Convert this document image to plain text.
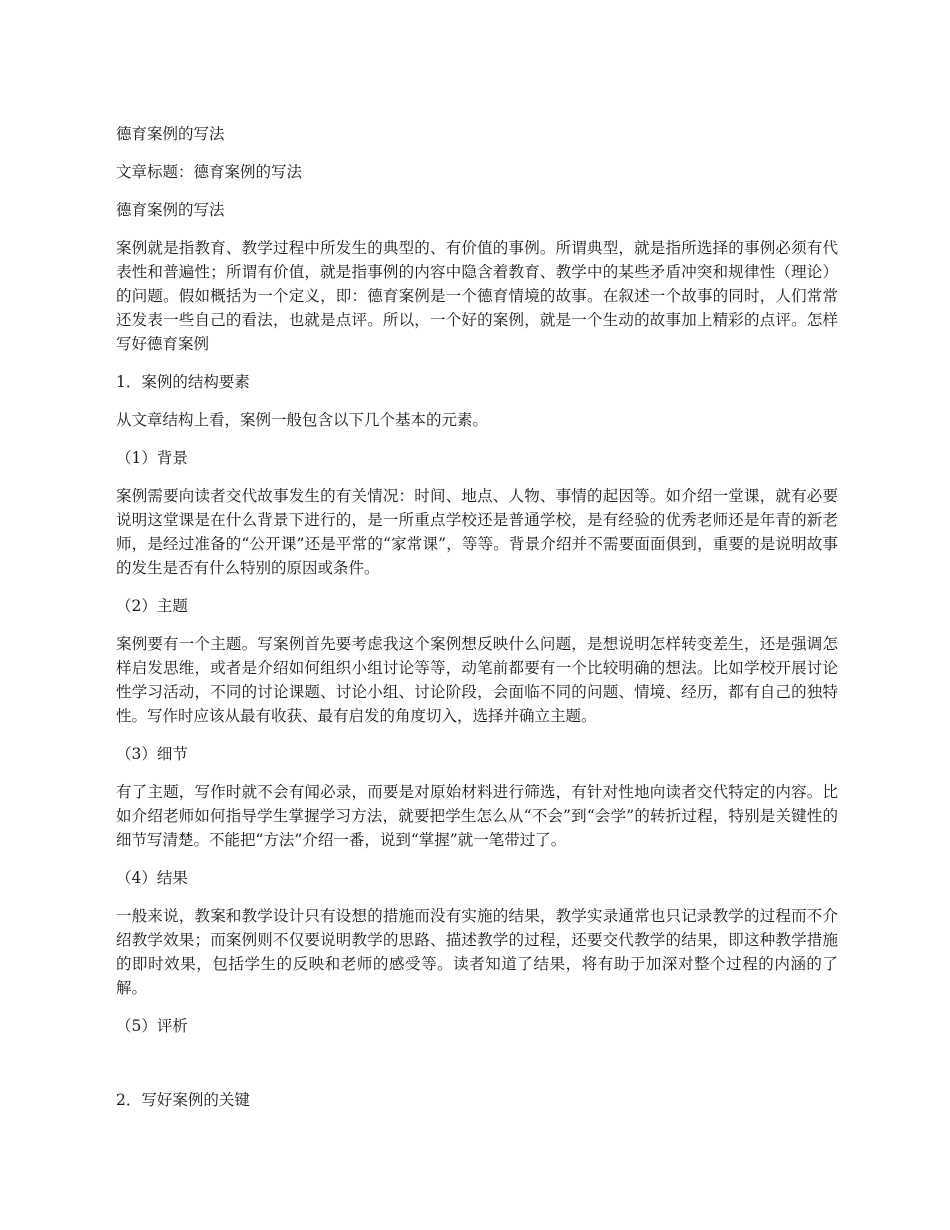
德育案例的写法

文章标题：德育案例的写法

德育案例的写法

案例就是指教育、教学过程中所发生的典型的、有价值的事例。所谓典型，就是指所选择的事例必须有代表性和普遍性；所谓有价值，就是指事例的内容中隐含着教育、教学中的某些矛盾冲突和规律性（理论）的问题。假如概括为一个定义，即：德育案例是一个德育情境的故事。在叙述一个故事的同时，人们常常还发表一些自己的看法，也就是点评。所以，一个好的案例，就是一个生动的故事加上精彩的点评。怎样写好德育案例

1．案例的结构要素

从文章结构上看，案例一般包含以下几个基本的元素。

（1）背景

案例需要向读者交代故事发生的有关情况：时间、地点、人物、事情的起因等。如介绍一堂课，就有必要说明这堂课是在什么背景下进行的，是一所重点学校还是普通学校，是有经验的优秀老师还是年青的新老师，是经过准备的“公开课”还是平常的“家常课”，等等。背景介绍并不需要面面俱到，重要的是说明故事的发生是否有什么特别的原因或条件。

（2）主题

案例要有一个主题。写案例首先要考虑我这个案例想反映什么问题，是想说明怎样转变差生，还是强调怎样启发思维，或者是介绍如何组织小组讨论等等，动笔前都要有一个比较明确的想法。比如学校开展讨论性学习活动，不同的讨论课题、讨论小组、讨论阶段，会面临不同的问题、情境、经历，都有自己的独特性。写作时应该从最有收获、最有启发的角度切入，选择并确立主题。

（3）细节

有了主题，写作时就不会有闻必录，而要是对原始材料进行筛选，有针对性地向读者交代特定的内容。比如介绍老师如何指导学生掌握学习方法，就要把学生怎么从“不会”到“会学”的转折过程，特别是关键性的细节写清楚。不能把“方法”介绍一番，说到“掌握”就一笔带过了。

（4）结果

一般来说，教案和教学设计只有设想的措施而没有实施的结果，教学实录通常也只记录教学的过程而不介绍教学效果；而案例则不仅要说明教学的思路、描述教学的过程，还要交代教学的结果，即这种教学措施的即时效果，包括学生的反映和老师的感受等。读者知道了结果，将有助于加深对整个过程的内涵的了解。

（5）评析

2．写好案例的关键
